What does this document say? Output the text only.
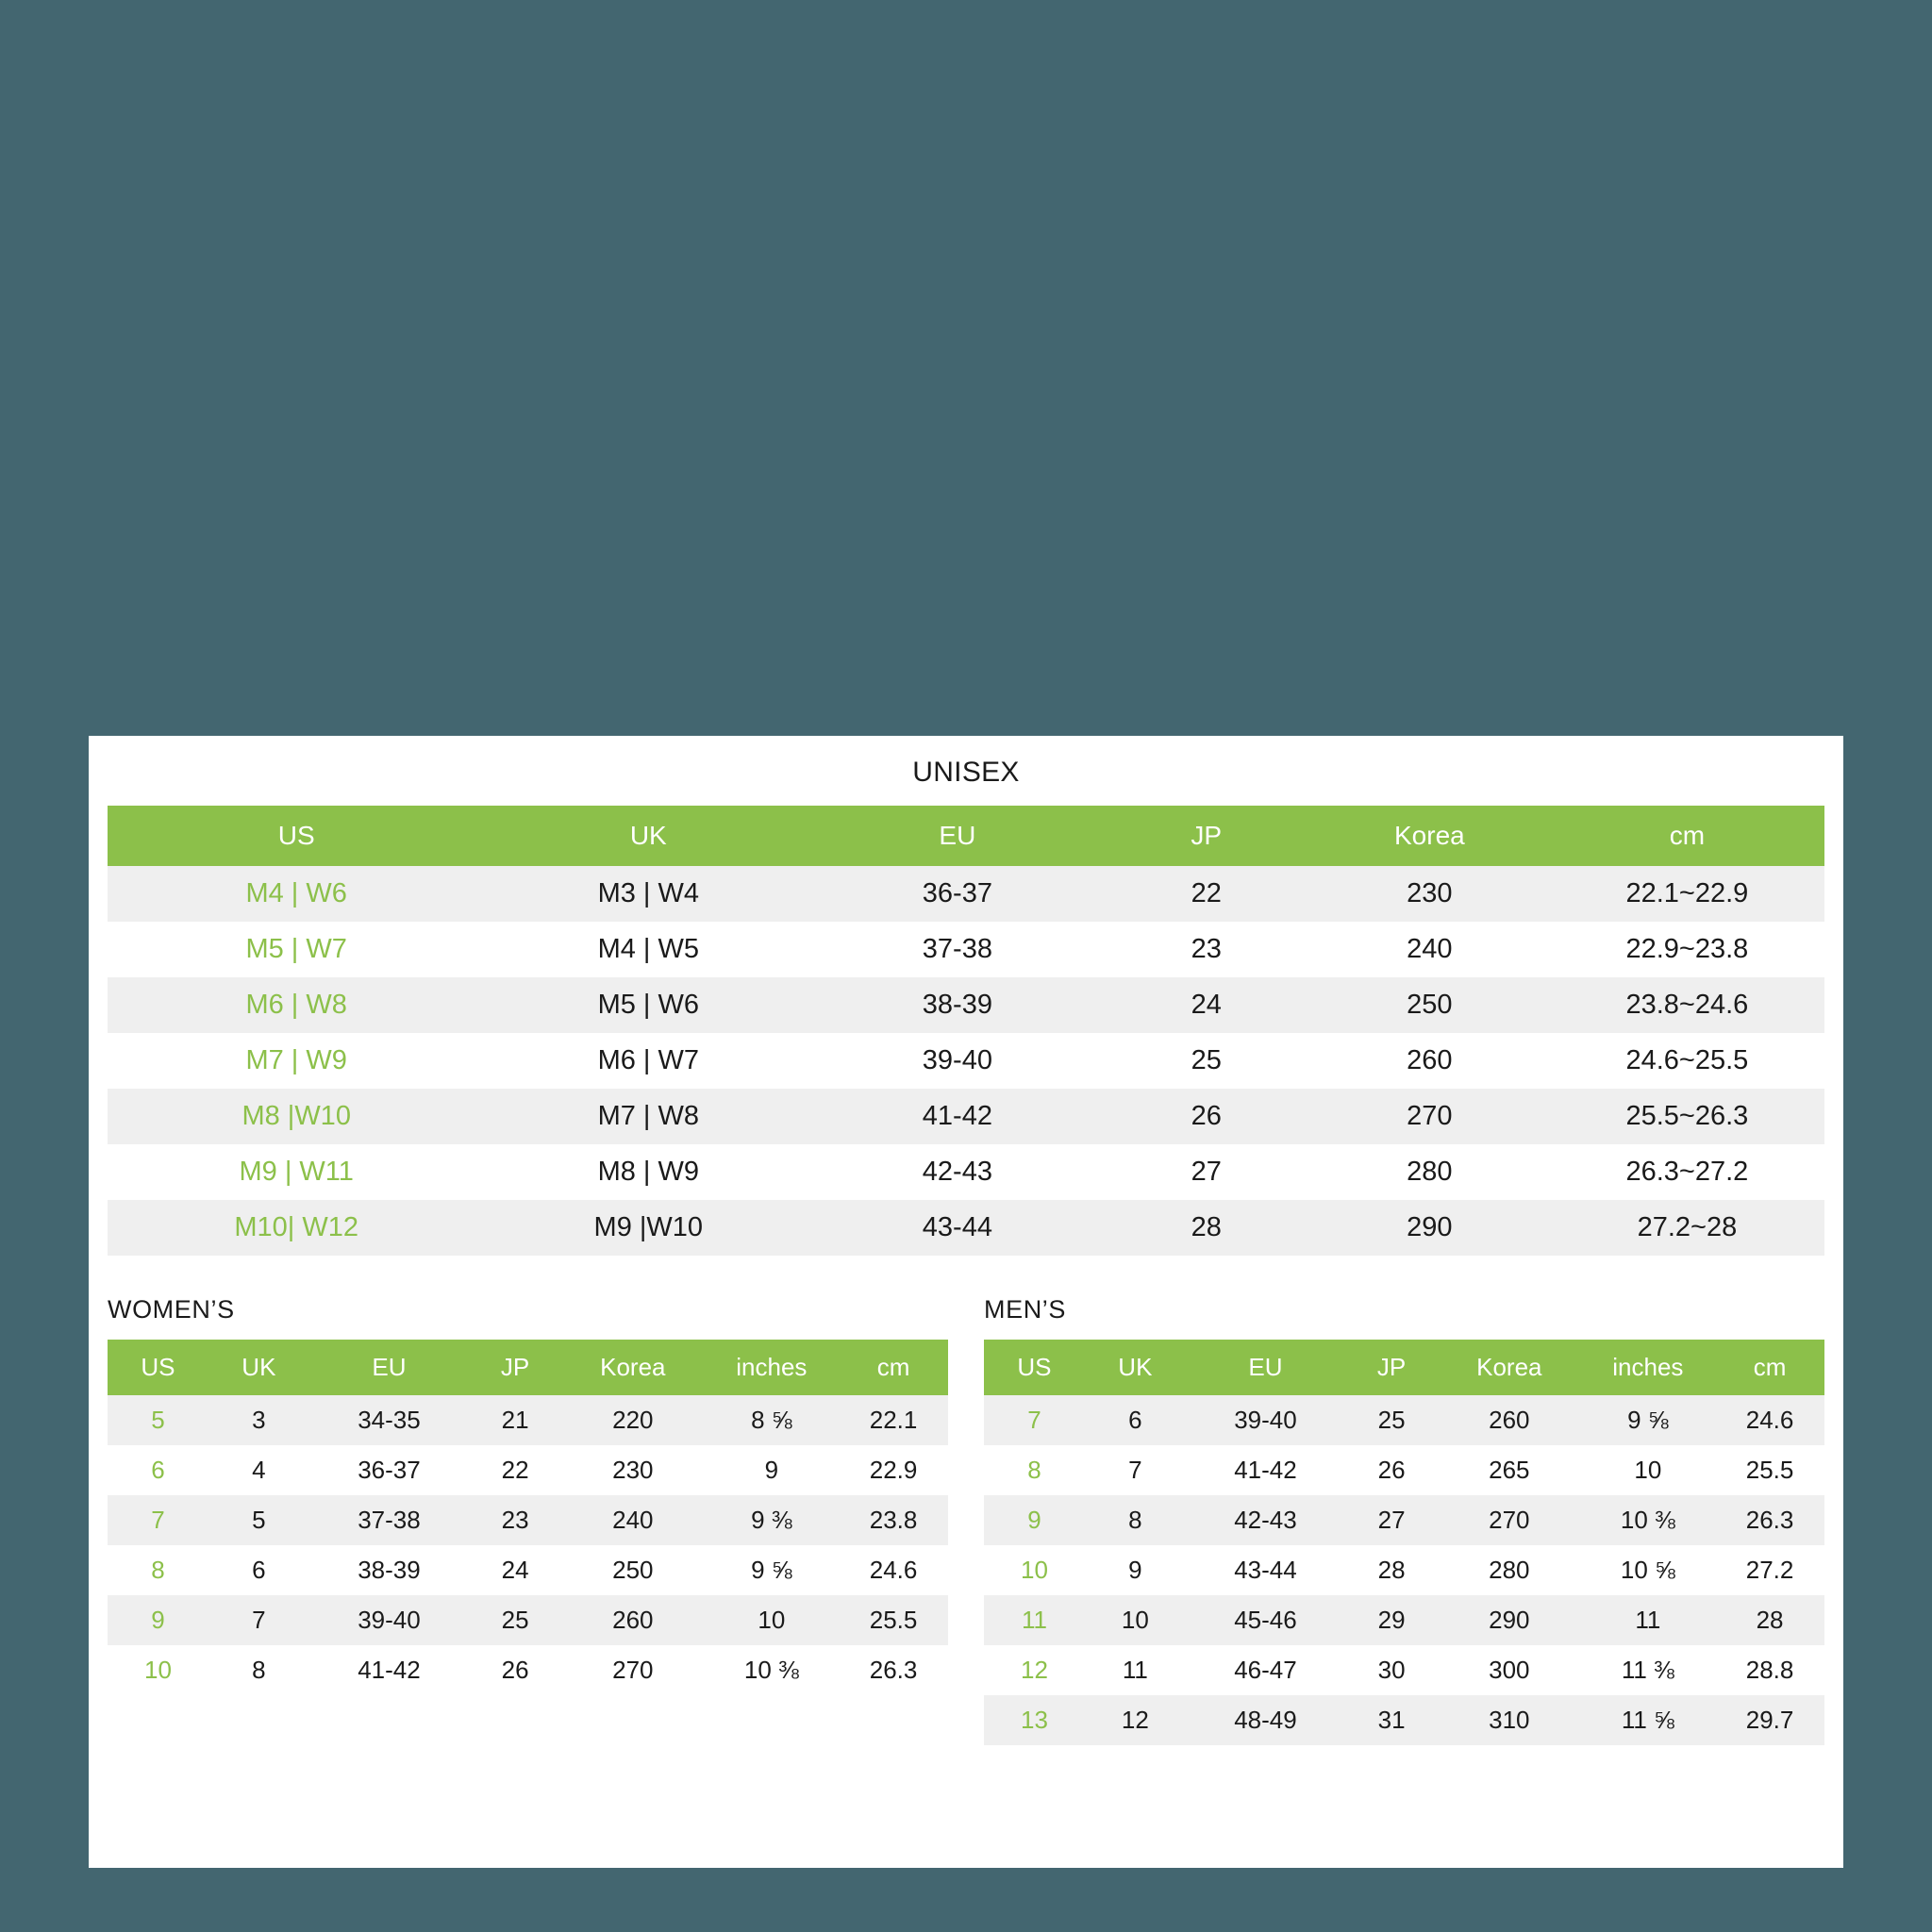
UNISEX
US	UK	EU	JP	Korea	cm
M4 | W6	M3 | W4	36-37	22	230	22.1~22.9
M5 | W7	M4 | W5	37-38	23	240	22.9~23.8
M6 | W8	M5 | W6	38-39	24	250	23.8~24.6
M7 | W9	M6 | W7	39-40	25	260	24.6~25.5
M8 |W10	M7 | W8	41-42	26	270	25.5~26.3
M9 | W11	M8 | W9	42-43	27	280	26.3~27.2
M10| W12	M9 |W10	43-44	28	290	27.2~28
WOMEN’S
US	UK	EU	JP	Korea	inches	cm
5	3	34-35	21	220	8 ⅝	22.1
6	4	36-37	22	230	9	22.9
7	5	37-38	23	240	9 ⅜	23.8
8	6	38-39	24	250	9 ⅝	24.6
9	7	39-40	25	260	10	25.5
10	8	41-42	26	270	10 ⅜	26.3
MEN’S
US	UK	EU	JP	Korea	inches	cm
7	6	39-40	25	260	9 ⅝	24.6
8	7	41-42	26	265	10	25.5
9	8	42-43	27	270	10 ⅜	26.3
10	9	43-44	28	280	10 ⅝	27.2
11	10	45-46	29	290	11	28
12	11	46-47	30	300	11 ⅜	28.8
13	12	48-49	31	310	11 ⅝	29.7
